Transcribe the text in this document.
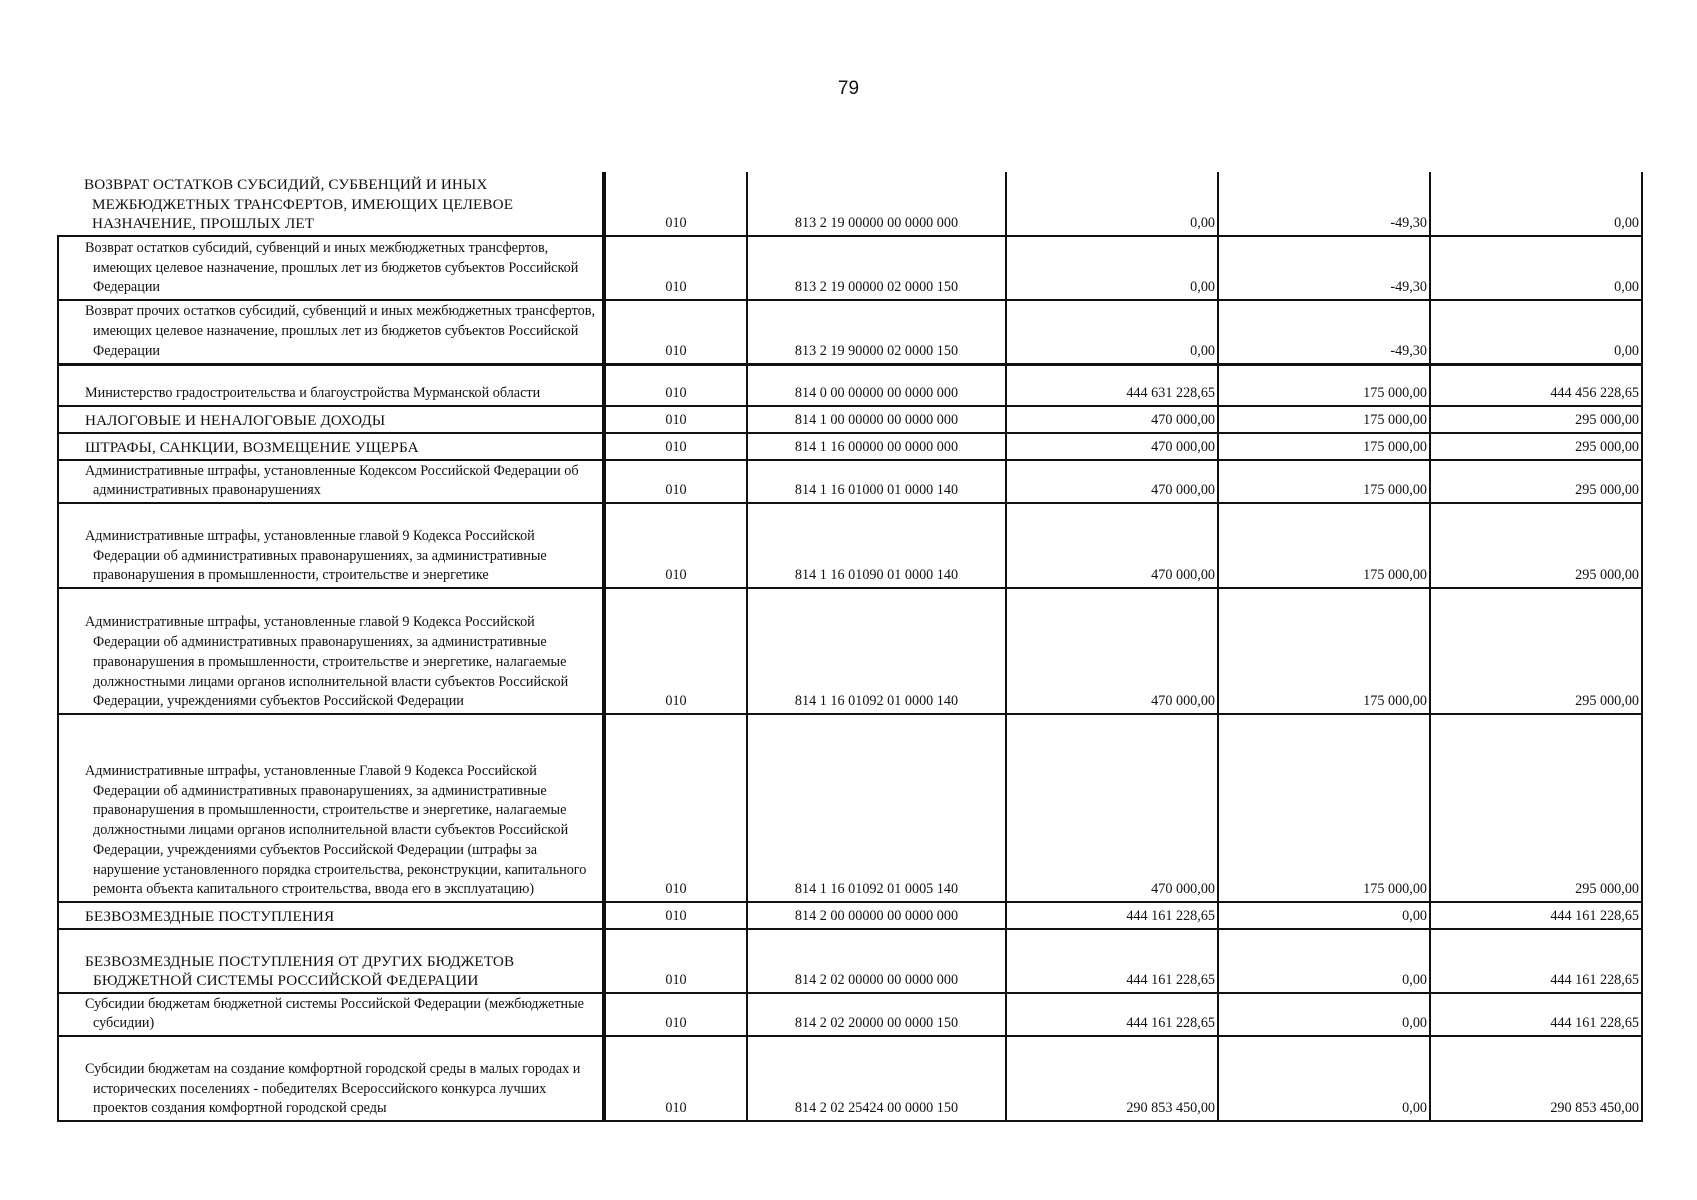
79
ВОЗВРАТ ОСТАТКОВ СУБСИДИЙ, СУБВЕНЦИЙ И ИНЫХ МЕЖБЮДЖЕТНЫХ ТРАНСФЕРТОВ, ИМЕЮЩИХ ЦЕЛЕВОЕ НАЗНАЧЕНИЕ, ПРОШЛЫХ ЛЕТ	010	813 2 19 00000 00 0000 000	0,00	-49,30	0,00
Возврат остатков субсидий, субвенций и иных межбюджетных трансфертов, имеющих целевое назначение, прошлых лет из бюджетов субъектов Российской Федерации	010	813 2 19 00000 02 0000 150	0,00	-49,30	0,00
Возврат прочих остатков субсидий, субвенций и иных межбюджетных трансфертов, имеющих целевое назначение, прошлых лет из бюджетов субъектов Российской Федерации	010	813 2 19 90000 02 0000 150	0,00	-49,30	0,00
Министерство градостроительства и благоустройства Мурманской области	010	814 0 00 00000 00 0000 000	444 631 228,65	175 000,00	444 456 228,65
НАЛОГОВЫЕ И НЕНАЛОГОВЫЕ ДОХОДЫ	010	814 1 00 00000 00 0000 000	470 000,00	175 000,00	295 000,00
ШТРАФЫ, САНКЦИИ, ВОЗМЕЩЕНИЕ УЩЕРБА	010	814 1 16 00000 00 0000 000	470 000,00	175 000,00	295 000,00
Административные штрафы, установленные Кодексом Российской Федерации об административных правонарушениях	010	814 1 16 01000 01 0000 140	470 000,00	175 000,00	295 000,00
Административные штрафы, установленные главой 9 Кодекса Российской Федерации об административных правонарушениях, за административные правонарушения в промышленности, строительстве и энергетике	010	814 1 16 01090 01 0000 140	470 000,00	175 000,00	295 000,00
Административные штрафы, установленные главой 9 Кодекса Российской Федерации об административных правонарушениях, за административные правонарушения в промышленности, строительстве и энергетике, налагаемые должностными лицами органов исполнительной власти субъектов Российской Федерации, учреждениями субъектов Российской Федерации	010	814 1 16 01092 01 0000 140	470 000,00	175 000,00	295 000,00
Административные штрафы, установленные Главой 9 Кодекса Российской Федерации об административных правонарушениях, за административные правонарушения в промышленности, строительстве и энергетике, налагаемые должностными лицами органов исполнительной власти субъектов Российской Федерации, учреждениями субъектов Российской Федерации (штрафы за нарушение установленного порядка строительства, реконструкции, капитального ремонта объекта капитального строительства, ввода его в эксплуатацию)	010	814 1 16 01092 01 0005 140	470 000,00	175 000,00	295 000,00
БЕЗВОЗМЕЗДНЫЕ ПОСТУПЛЕНИЯ	010	814 2 00 00000 00 0000 000	444 161 228,65	0,00	444 161 228,65
БЕЗВОЗМЕЗДНЫЕ ПОСТУПЛЕНИЯ ОТ ДРУГИХ БЮДЖЕТОВ БЮДЖЕТНОЙ СИСТЕМЫ РОССИЙСКОЙ ФЕДЕРАЦИИ	010	814 2 02 00000 00 0000 000	444 161 228,65	0,00	444 161 228,65
Субсидии бюджетам бюджетной системы Российской Федерации (межбюджетные субсидии)	010	814 2 02 20000 00 0000 150	444 161 228,65	0,00	444 161 228,65
Субсидии бюджетам на создание комфортной городской среды в малых городах и исторических поселениях - победителях Всероссийского конкурса лучших проектов создания комфортной городской среды	010	814 2 02 25424 00 0000 150	290 853 450,00	0,00	290 853 450,00
